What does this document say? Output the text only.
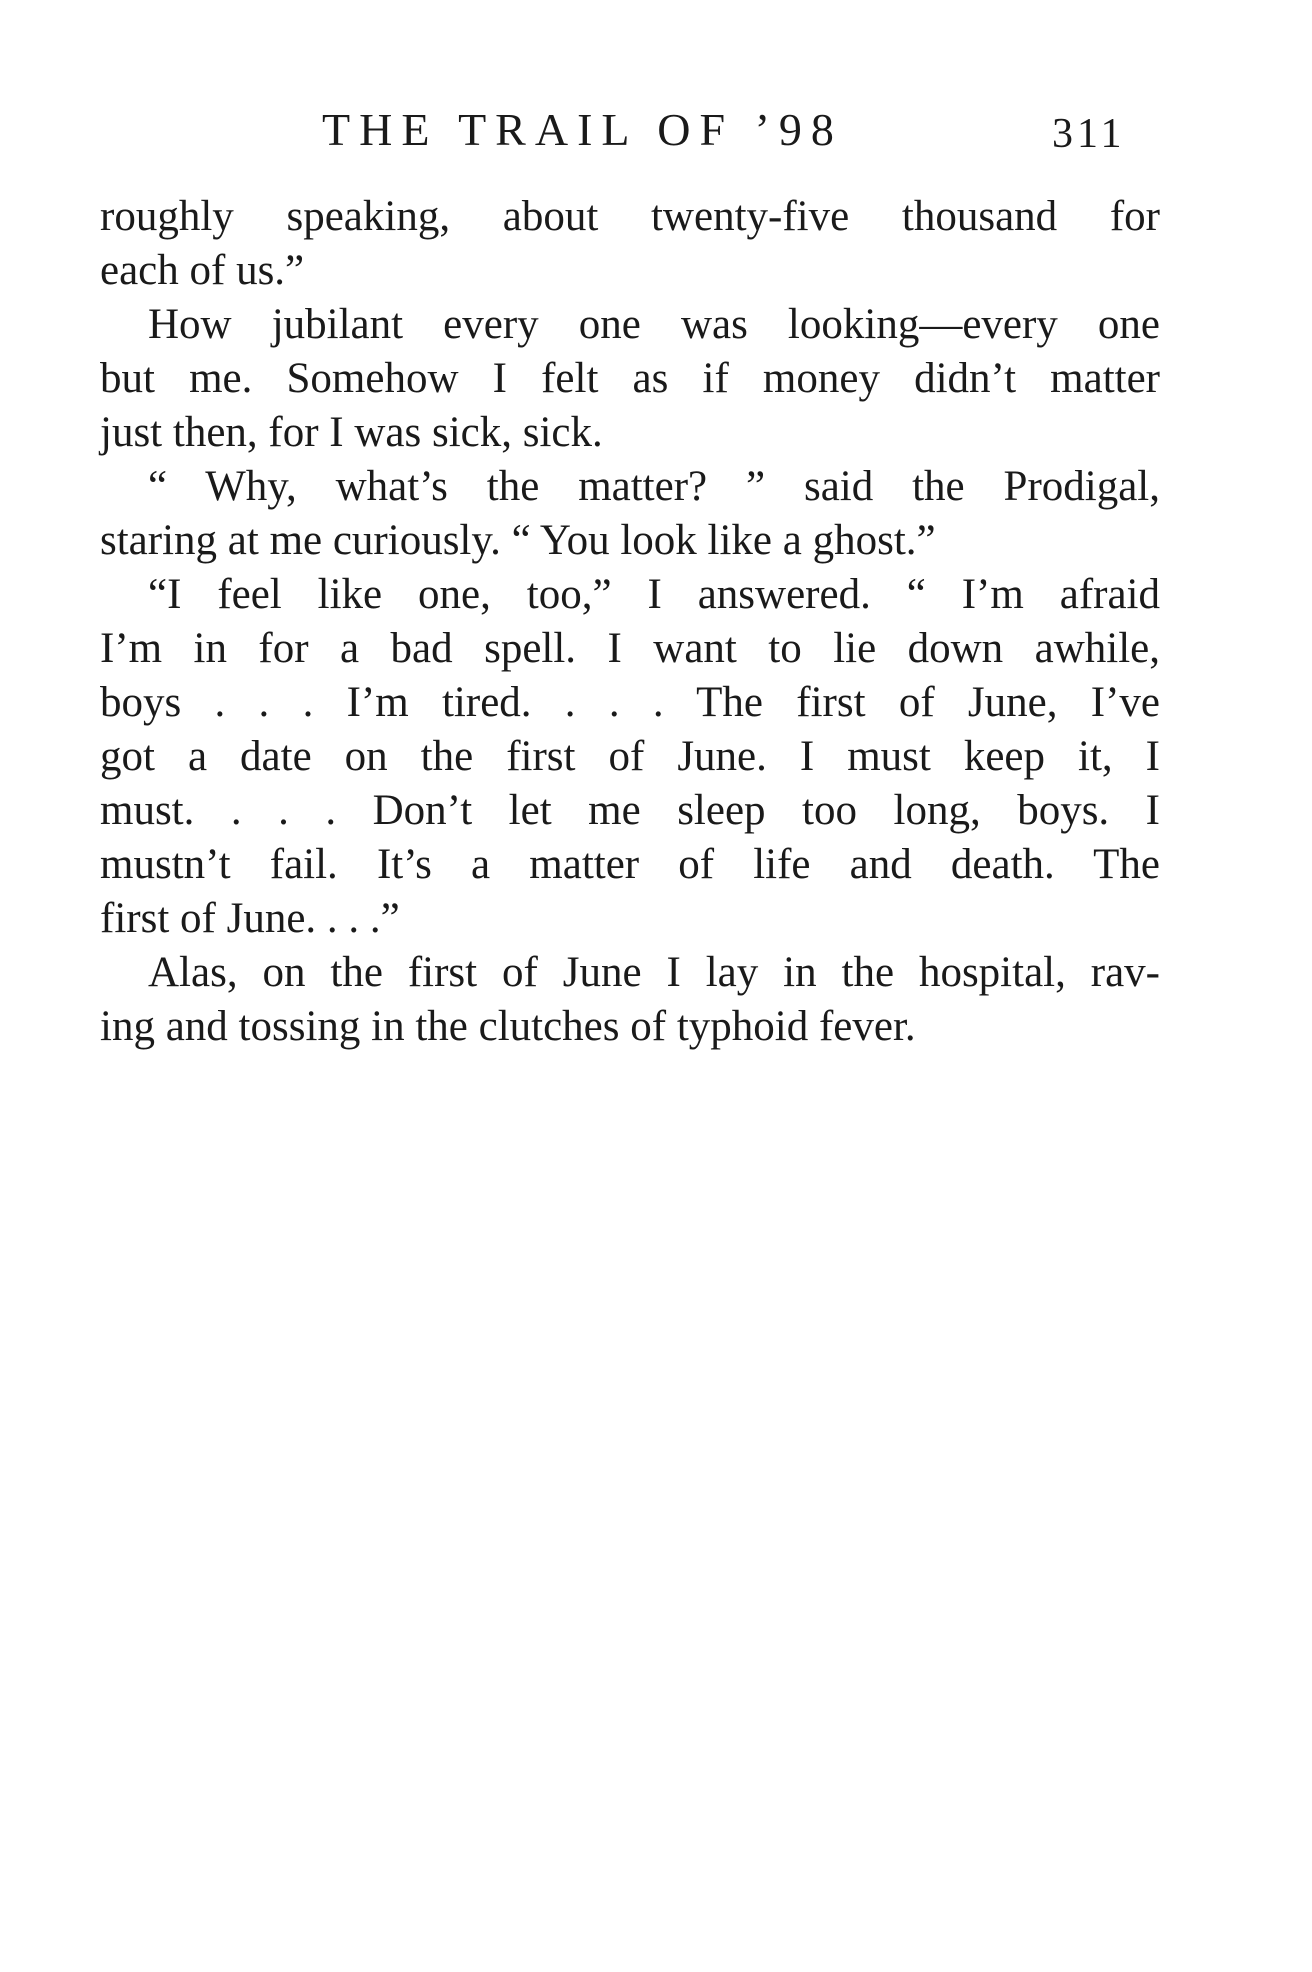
THE TRAIL OF ’98	311
roughly speaking, about twenty-five thousand for
each of us.”
How jubilant every one was looking—every one
but me. Somehow I felt as if money didn’t matter
just then, for I was sick, sick.
“ Why, what’s the matter? ” said the Prodigal,
staring at me curiously. “ You look like a ghost.”
“I feel like one, too,” I answered. “ I’m afraid
I’m in for a bad spell. I want to lie down awhile,
boys . . . I’m tired. . . . The first of June, I’ve
got a date on the first of June. I must keep it, I
must. . . . Don’t let me sleep too long, boys. I
mustn’t fail. It’s a matter of life and death. The
first of June. . . .”
Alas, on the first of June I lay in the hospital, rav-
ing and tossing in the clutches of typhoid fever.
